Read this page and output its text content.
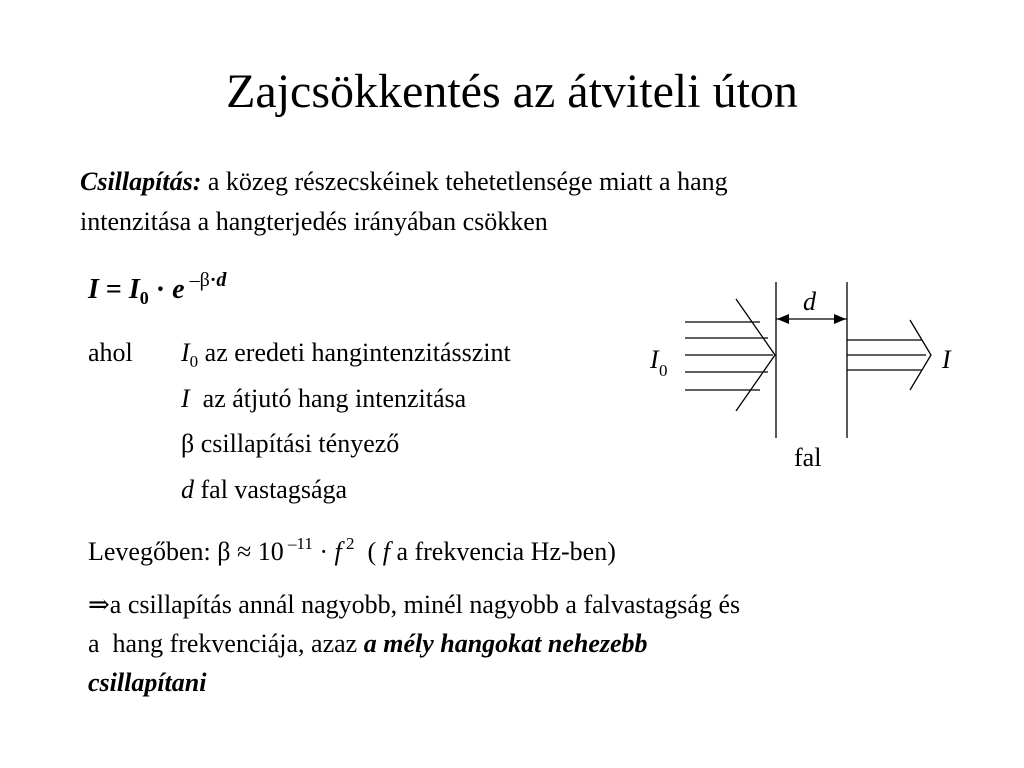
Zajcsökkentés az átviteli úton
Csillapítás: a közeg részecskéinek tehetetlensége miatt a hang
intenzitása a hangterjedés irányában csökken
$I = I_0 \cdot e$ $^{-\beta\cdot d}$
ahol $I_0$ az eredeti hangintenzitásszint
I  az átjutó hang intenzitása
β csillapítási tényező
d fal vastagsága
Levegőben: β ≈ 10 $^{-11}$ · f $^2$  ( f a frekvencia Hz-ben)
⇒a csillapítás annál nagyobb, minél nagyobb a falvastagság és
a  hang frekvenciája, azaz a mély hangokat nehezebb
csillapítani
d
I 0	I
fal
